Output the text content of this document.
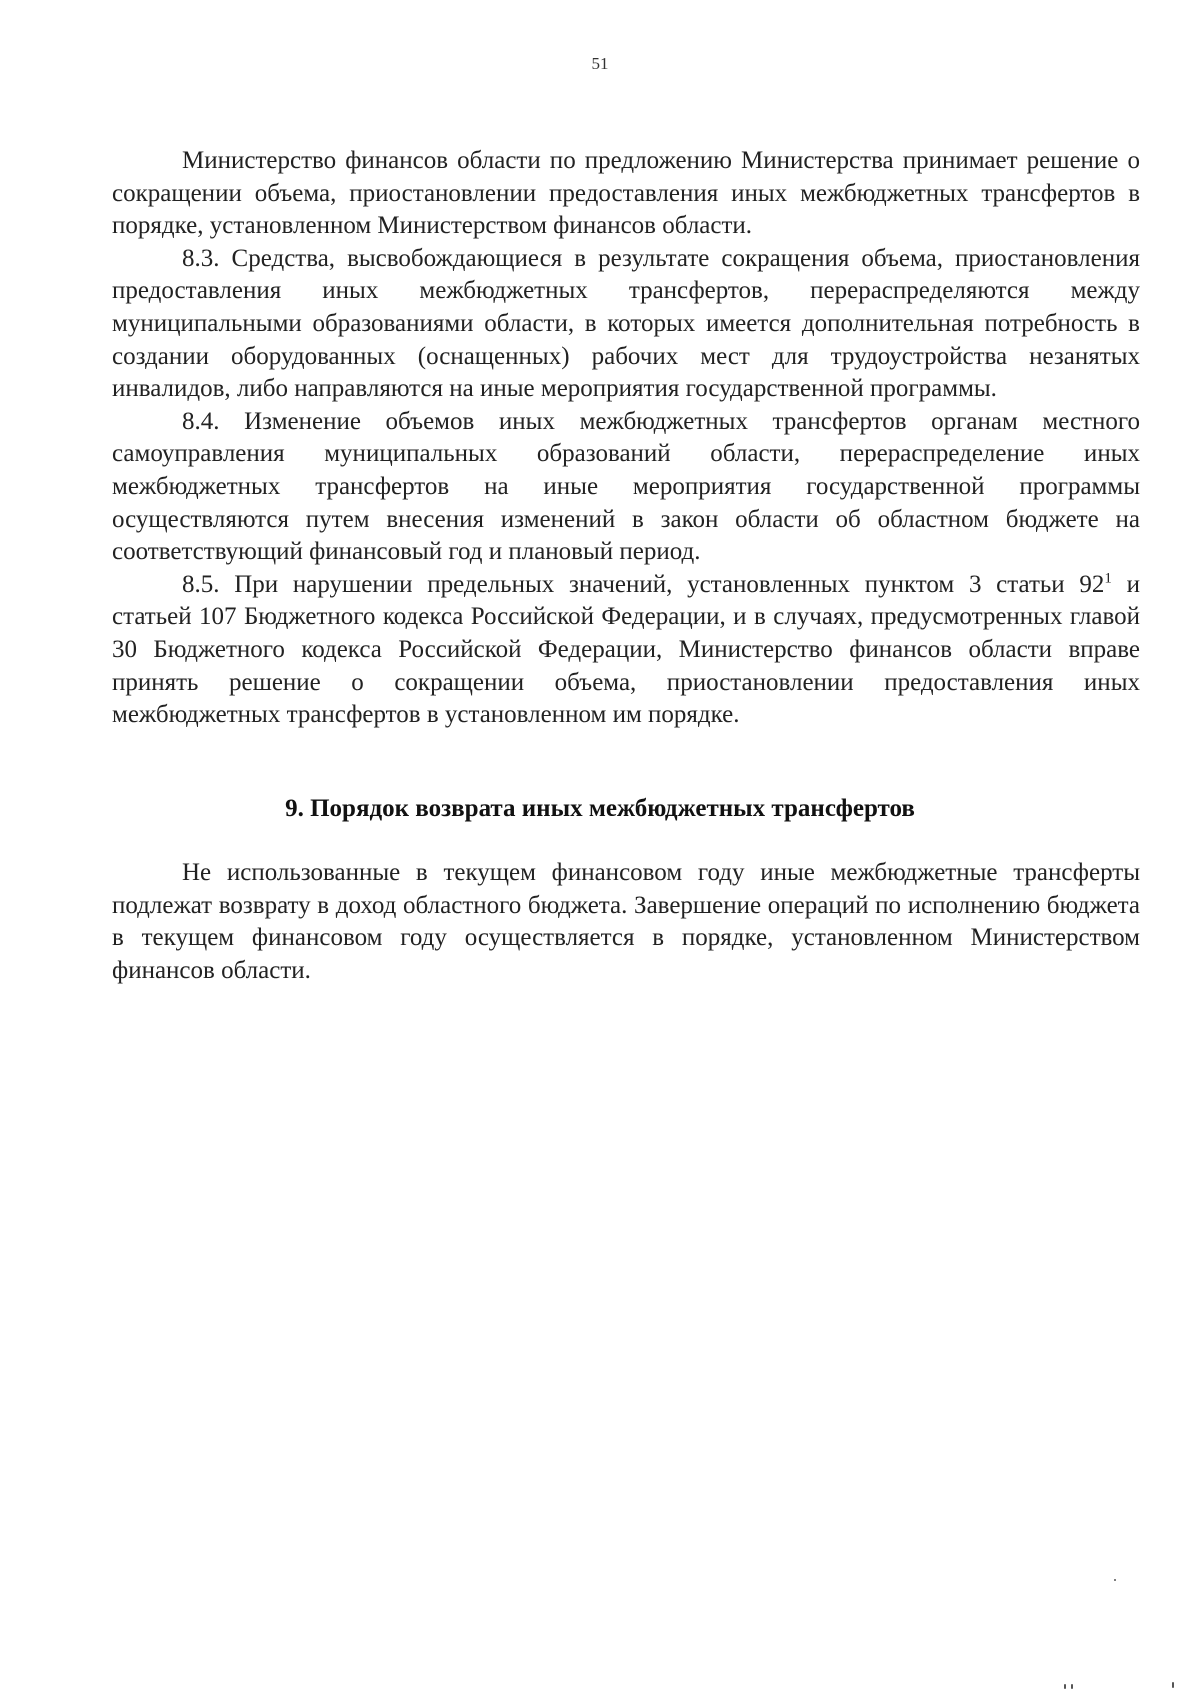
51

Министерство финансов области по предложению Министерства принимает решение о сокращении объема, приостановлении предоставления иных межбюджетных трансфертов в порядке, установленном Министерством финансов области.

8.3. Средства, высвобождающиеся в результате сокращения объема, приостановления предоставления иных межбюджетных трансфертов, перераспределяются между муниципальными образованиями области, в которых имеется дополнительная потребность в создании оборудованных (оснащенных) рабочих мест для трудоустройства незанятых инвалидов, либо направляются на иные мероприятия государственной программы.

8.4. Изменение объемов иных межбюджетных трансфертов органам местного самоуправления муниципальных образований области, перераспределение иных межбюджетных трансфертов на иные мероприятия государственной программы осуществляются путем внесения изменений в закон области об областном бюджете на соответствующий финансовый год и плановый период.

8.5. При нарушении предельных значений, установленных пунктом 3 статьи $92^1$ и статьей 107 Бюджетного кодекса Российской Федерации, и в случаях, предусмотренных главой 30 Бюджетного кодекса Российской Федерации, Министерство финансов области вправе принять решение о сокращении объема, приостановлении предоставления иных межбюджетных трансфертов в установленном им порядке.

9. Порядок возврата иных межбюджетных трансфертов

Не использованные в текущем финансовом году иные межбюджетные трансферты подлежат возврату в доход областного бюджета. Завершение операций по исполнению бюджета в текущем финансовом году осуществляется в порядке, установленном Министерством финансов области.
